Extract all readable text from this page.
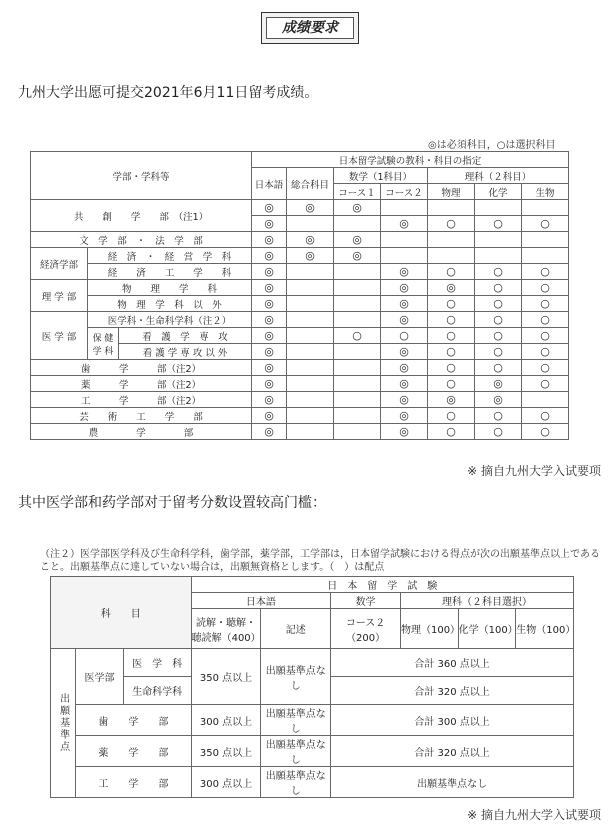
成绩要求
九州大学出愿可提交2021年6月11日留考成绩。
◎は必須科目，○は選択科目
学部・学科等			日本留学試験の教科・科目の指定						
			日本語	総合科目	数学（1科目）		理科（２科目）		
					コース１	コース２	物理	化学	生物
共　　創　　学　　部　（注1）			◎	◎	◎				
			◎			◎	○	○	○
文　学　部　・　法　学　部			◎	◎	◎				
経済学部	経　済　・　経　営　学　科		◎	◎	◎				
	経　　済　　工　　学　　科		◎			◎	○	○	○
理 学 部	物　　理　　学　　科		◎			◎	◎	○	○
	物　理　学　科　以　外		◎			◎	○	○	○
医 学 部	医学科・生命科学科（注２）		◎			◎	○	○	○
	保 健 学 科	看　護　学　専　攻	◎		○	○	○	○	○
		看 護 学 専 攻 以 外	◎			◎	○	○	○
歯　　　学　　　部（注2）			◎			◎	○	○	○
薬　　　学　　　部（注2）			◎			◎	○	◎	○
工　　　学　　　部（注2）			◎			◎	◎	◎	
芸　　術　　工　　学　　部			◎			◎	○	○	○
農　　　　学　　　　部			◎			◎	○	○	○
※ 摘自九州大学入试要项
其中医学部和药学部对于留考分数设置较高门槛：
（注２）医学部医学科及び生命科学科，歯学部，薬学部，工学部は，日本留学試験における得点が次の出願基準点以上であること。出願基準点に達していない場合は，出願無資格とします。（　）は配点
科　　目			日　本　留　学　試　験					
			日本語		数学	理科（２科目選択）		
			読解・聴解・聴読解（400）	記述	コース２（200）	物理（100）	化学（100）	生物（100）
出願基準点	医学部	医　学　科	350 点以上	出願基準点なし	合計 360 点以上			
		生命科学科			合計 320 点以上			
	歯　　学　　部		300 点以上	出願基準点なし	合計 300 点以上			
	薬　　学　　部		350 点以上	出願基準点なし	合計 320 点以上			
	工　　学　　部		300 点以上	出願基準点なし	出願基準点なし			
※ 摘自九州大学入试要项
